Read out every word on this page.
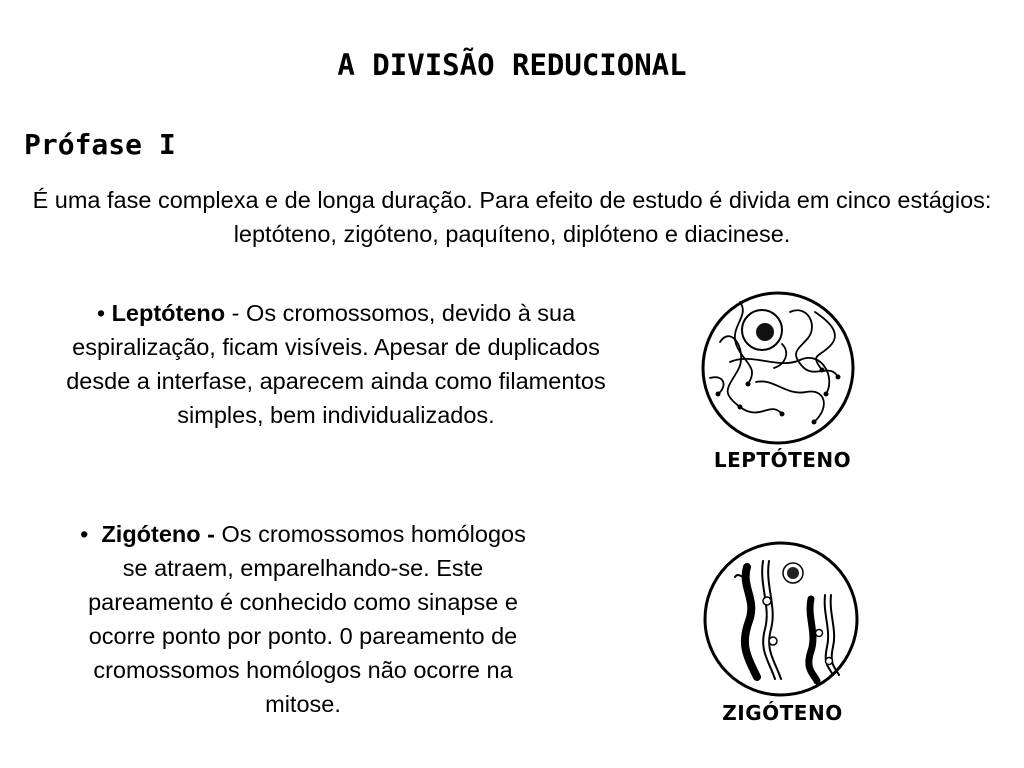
A DIVISÃO REDUCIONAL
Prófase I
É uma fase complexa e de longa duração. Para efeito de estudo é divida em cinco estágios: leptóteno, zigóteno, paquíteno, diplóteno e diacinese.
• Leptóteno - Os cromossomos, devido à sua espiralização, ficam visíveis. Apesar de duplicados desde a interfase, aparecem ainda como filamentos simples, bem individualizados.
• Zigóteno - Os cromossomos homólogos se atraem, emparelhando-se. Este pareamento é conhecido como sinapse e ocorre ponto por ponto. 0 pareamento de cromossomos homólogos não ocorre na mitose.
LEPTÓTENO
ZIGÓTENO
